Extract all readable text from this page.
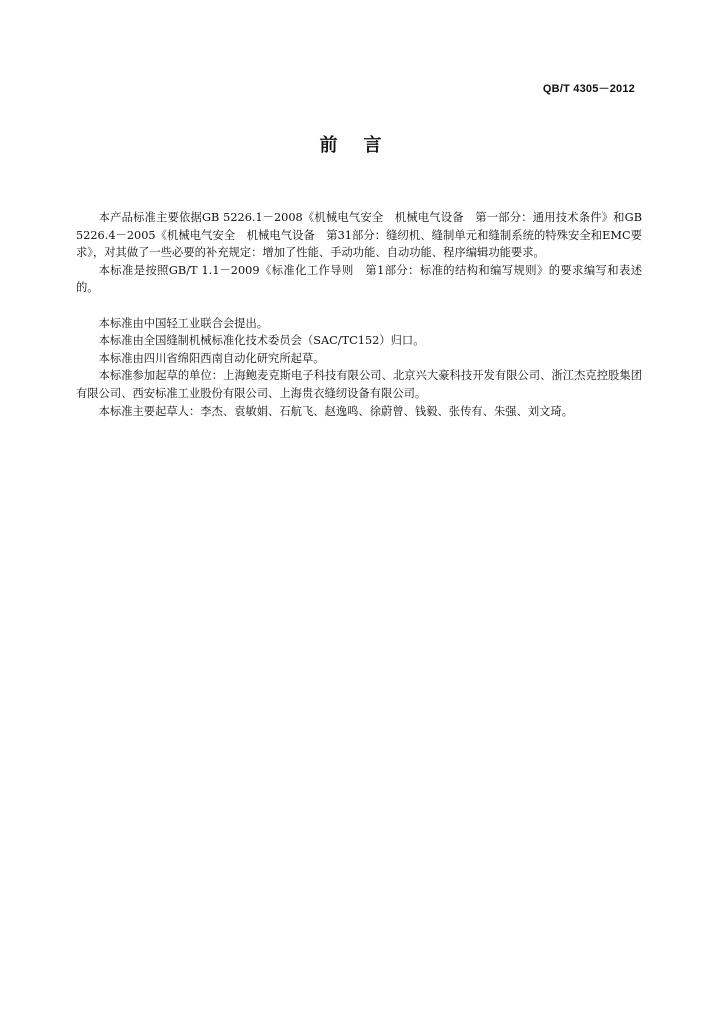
QB/T 4305－2012
前言

本产品标准主要依据GB 5226.1－2008《机械电气安全　机械电气设备　第一部分：通用技术条件》和GB 5226.4－2005《机械电气安全　机械电气设备　第31部分：缝纫机、缝制单元和缝制系统的特殊安全和EMC要求》，对其做了一些必要的补充规定：增加了性能、手动功能、自动功能、程序编辑功能要求。

本标准是按照GB/T 1.1－2009《标准化工作导则　第1部分：标准的结构和编写规则》的要求编写和表述的。

本标准由中国轻工业联合会提出。

本标准由全国缝制机械标准化技术委员会（SAC/TC152）归口。

本标准由四川省绵阳西南自动化研究所起草。

本标准参加起草的单位：上海鲍麦克斯电子科技有限公司、北京兴大豪科技开发有限公司、浙江杰克控股集团有限公司、西安标准工业股份有限公司、上海贵衣缝纫设备有限公司。

本标准主要起草人：李杰、袁敏娟、石航飞、赵逸鸣、徐蔚曾、钱毅、张传有、朱强、刘文琦。
